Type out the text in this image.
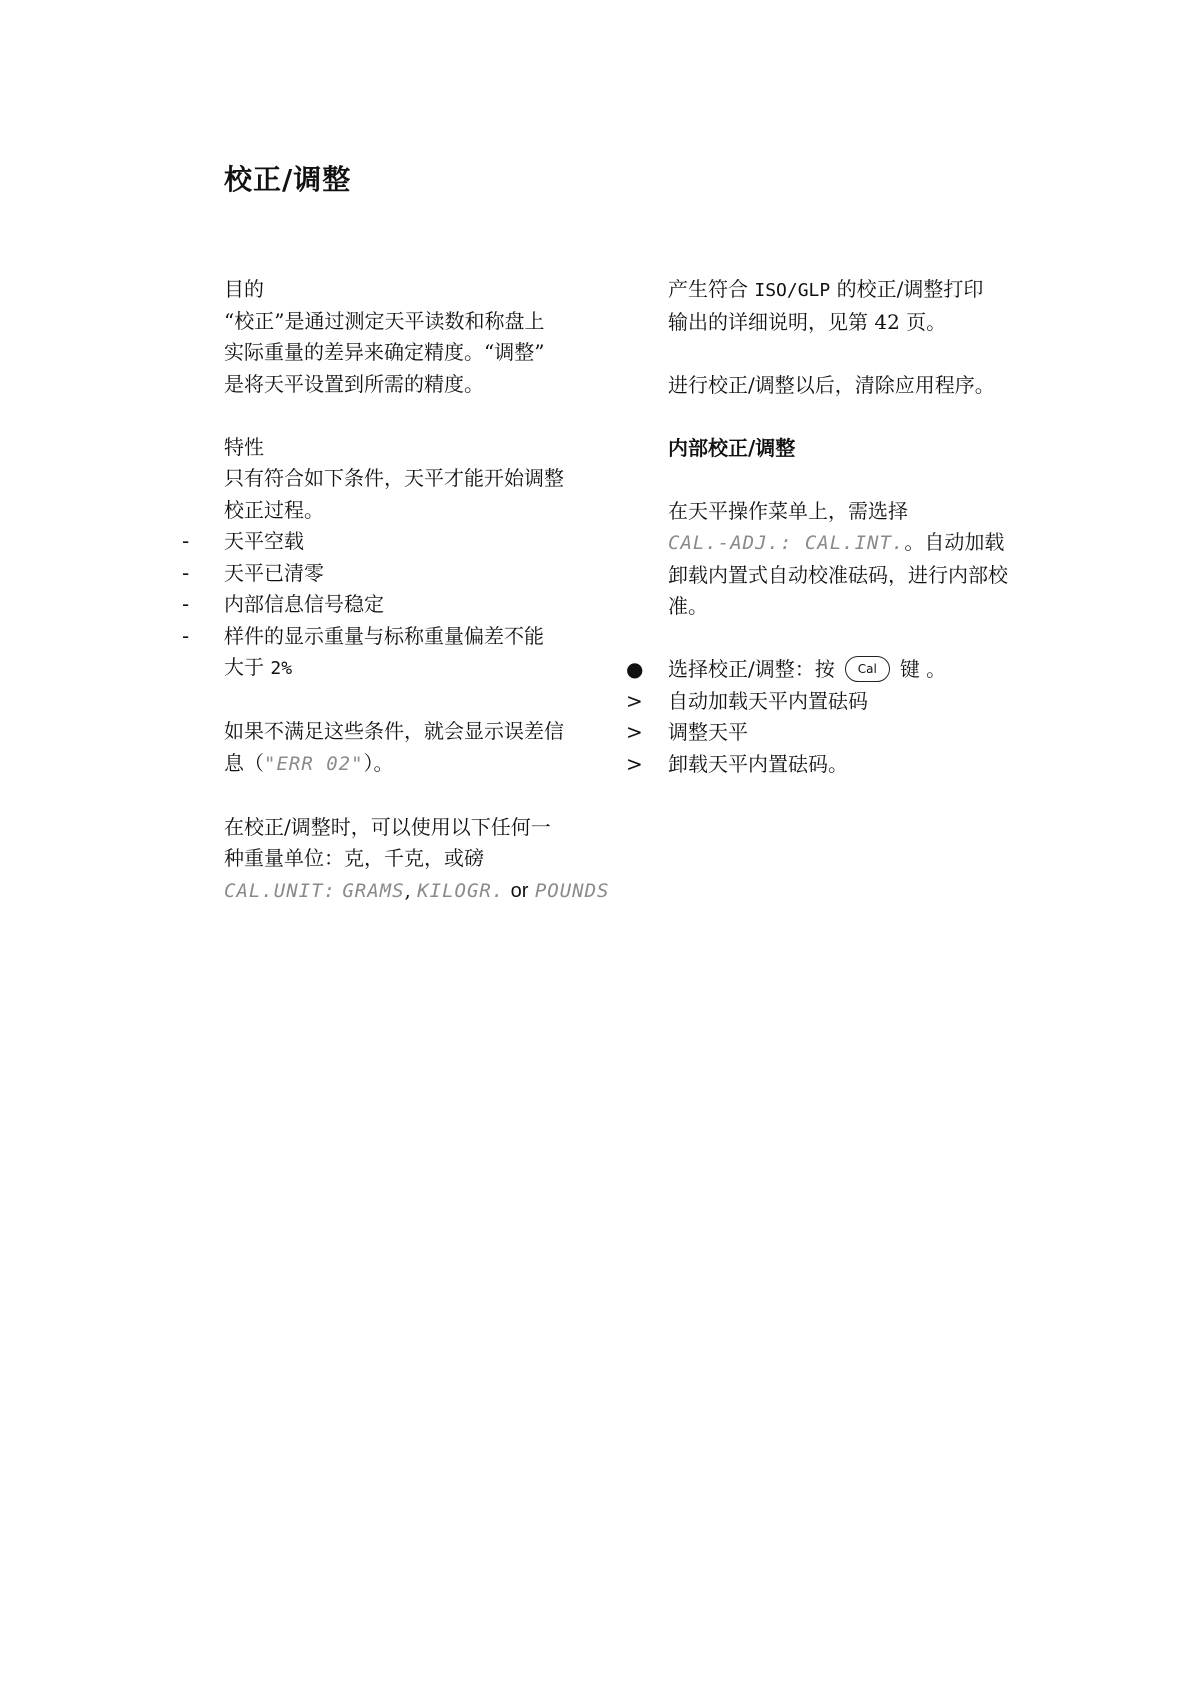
校正/调整

目的

“校正”是通过测定天平读数和称盘上

实际重量的差异来确定精度。“调整”

是将天平设置到所需的精度。

特性

只有符合如下条件，天平才能开始调整

校正过程。

- 天平空载

- 天平已清零

- 内部信息信号稳定

- 样件的显示重量与标称重量偏差不能

大于 2%

如果不满足这些条件，就会显示误差信

息（"ERR 02"）。

在校正/调整时，可以使用以下任何一

种重量单位：克，千克，或磅

CAL.UNIT: GRAMS, KILOGR. or POUNDS

产生符合 ISO/GLP 的校正/调整打印

输出的详细说明，见第 42 页。

进行校正/调整以后，清除应用程序。

内部校正/调整

在天平操作菜单上，需选择

CAL.-ADJ.: CAL.INT.。自动加载

卸载内置式自动校准砝码，进行内部校

准。

● 选择校正/调整：按 Cal 键 。

> 自动加载天平内置砝码

> 调整天平

> 卸载天平内置砝码。
